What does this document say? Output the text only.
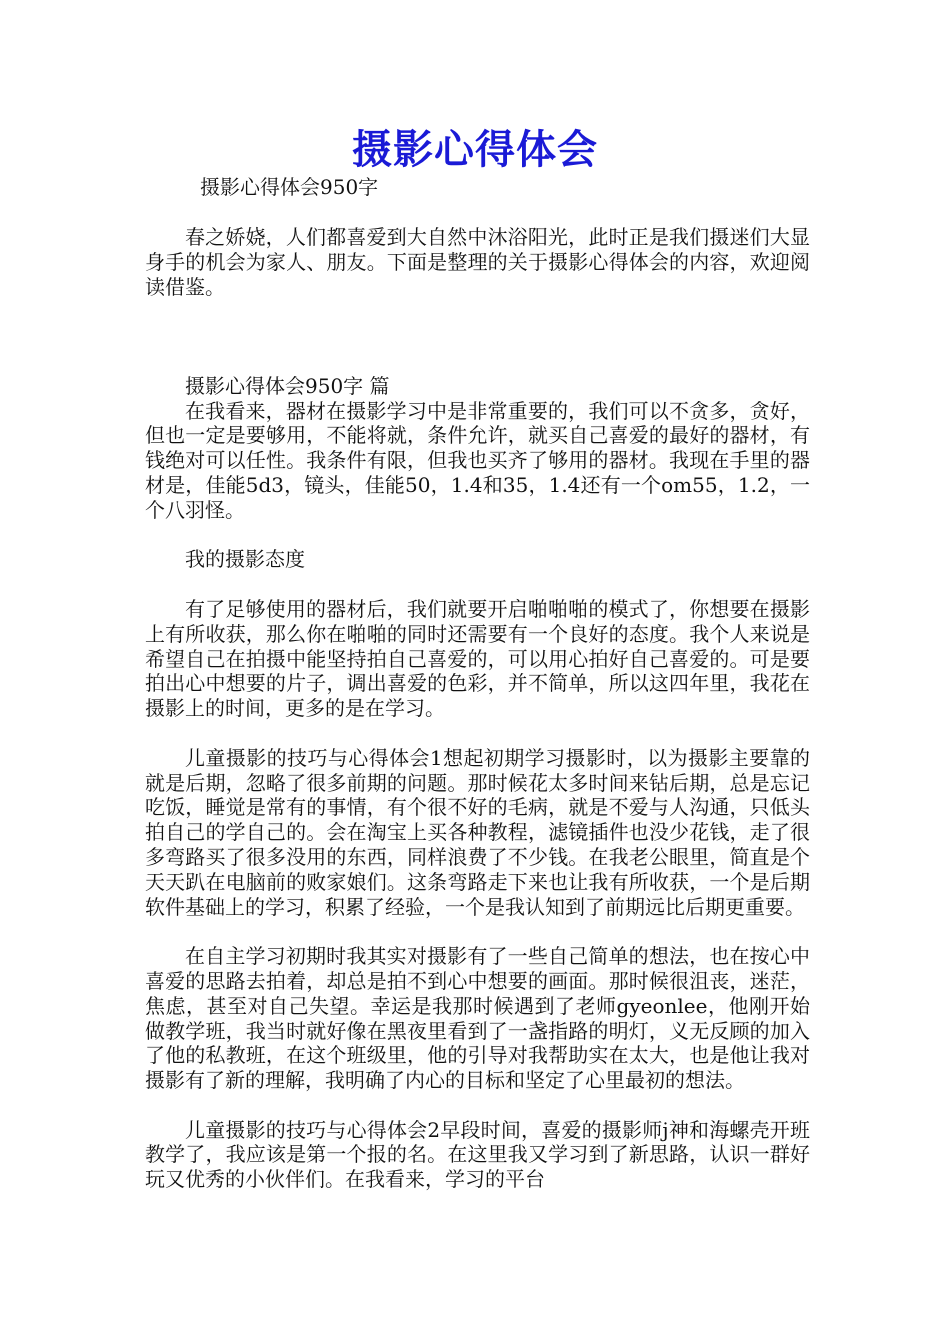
摄影心得体会

摄影心得体会950字

春之娇娆，人们都喜爱到大自然中沐浴阳光，此时正是我们摄迷们大显身手的机会为家人、朋友。下面是整理的关于摄影心得体会的内容，欢迎阅读借鉴。

摄影心得体会950字 篇

在我看来，器材在摄影学习中是非常重要的，我们可以不贪多，贪好，但也一定是要够用，不能将就，条件允许，就买自己喜爱的最好的器材，有钱绝对可以任性。我条件有限，但我也买齐了够用的器材。我现在手里的器材是，佳能5d3，镜头，佳能50，1.4和35，1.4还有一个om55，1.2，一个八羽怪。

我的摄影态度

有了足够使用的器材后，我们就要开启啪啪啪的模式了，你想要在摄影上有所收获，那么你在啪啪的同时还需要有一个良好的态度。我个人来说是希望自己在拍摄中能坚持拍自己喜爱的，可以用心拍好自己喜爱的。可是要拍出心中想要的片子，调出喜爱的色彩，并不简单，所以这四年里，我花在摄影上的时间，更多的是在学习。

儿童摄影的技巧与心得体会1想起初期学习摄影时，以为摄影主要靠的就是后期，忽略了很多前期的问题。那时候花太多时间来钻后期，总是忘记吃饭，睡觉是常有的事情，有个很不好的毛病，就是不爱与人沟通，只低头拍自己的学自己的。会在淘宝上买各种教程，滤镜插件也没少花钱，走了很多弯路买了很多没用的东西，同样浪费了不少钱。在我老公眼里，简直是个天天趴在电脑前的败家娘们。这条弯路走下来也让我有所收获，一个是后期软件基础上的学习，积累了经验，一个是我认知到了前期远比后期更重要。

在自主学习初期时我其实对摄影有了一些自己简单的想法，也在按心中喜爱的思路去拍着，却总是拍不到心中想要的画面。那时候很沮丧，迷茫，焦虑，甚至对自己失望。幸运是我那时候遇到了老师gyeonlee，他刚开始做教学班，我当时就好像在黑夜里看到了一盏指路的明灯，义无反顾的加入了他的私教班，在这个班级里，他的引导对我帮助实在太大，也是他让我对摄影有了新的理解，我明确了内心的目标和坚定了心里最初的想法。

儿童摄影的技巧与心得体会2早段时间，喜爱的摄影师j神和海螺壳开班教学了，我应该是第一个报的名。在这里我又学习到了新思路，认识一群好玩又优秀的小伙伴们。在我看来，学习的平台
